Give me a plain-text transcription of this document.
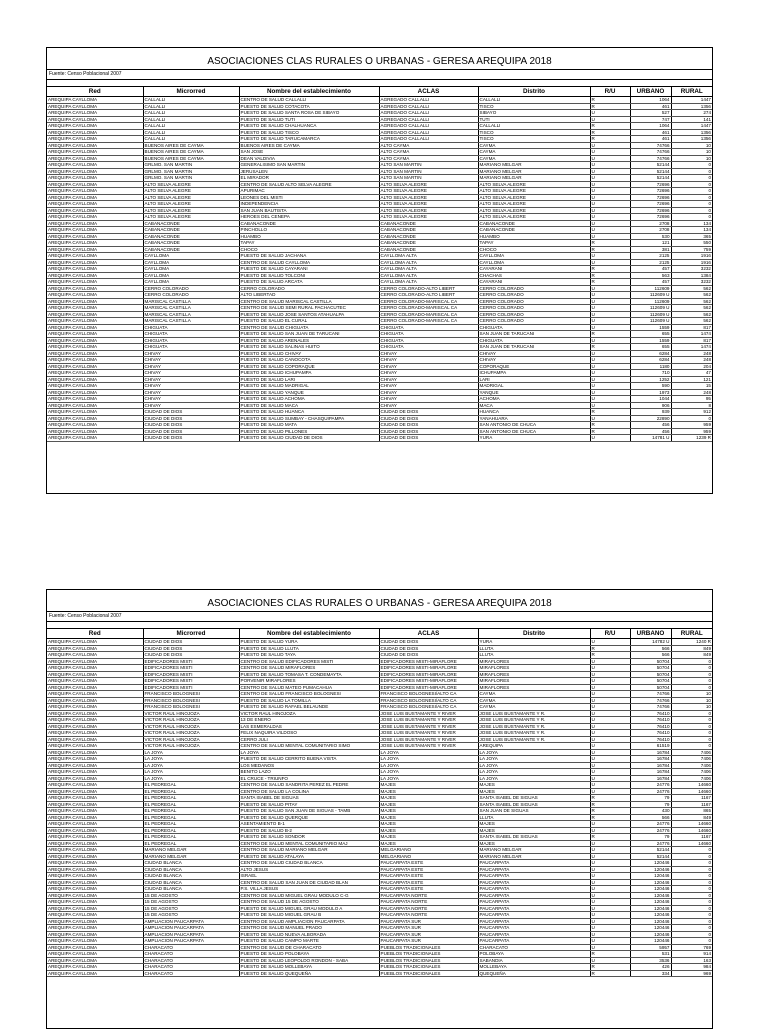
ASOCIACIONES CLAS RURALES O URBANAS - GERESA AREQUIPA 2018
Fuente: Censo Poblacional 2007
Red	Microrred	Nombre del establecimiento	ACLAS	Distrito	R/U	URBANO	RURAL
AREQUIPA CAYLLOMA	CALLALLI	CENTRO DE SALUD CALLALLI	AGREGADO CALLALLI	CALLALLI	R	1064	1447
AREQUIPA CAYLLOMA	CALLALLI	PUESTO DE SALUD COTACOTA	AGREGADO CALLALLI	TISCO	R	461	1356
AREQUIPA CAYLLOMA	CALLALLI	PUESTO DE SALUD SANTA ROSA DE SIBAYO	AGREGADO CALLALLI	SIBAYO	U	527	274
AREQUIPA CAYLLOMA	CALLALLI	PUESTO DE SALUD TUTI	AGREGADO CALLALLI	TUTI	U	747	141
AREQUIPA CAYLLOMA	CALLALLI	PUESTO DE SALUD CHALHUANCA	AGREGADO CALLALLI	CALLALLI	R	1064	1447
AREQUIPA CAYLLOMA	CALLALLI	PUESTO DE SALUD TISCO	AGREGADO CALLALLI	TISCO	R	461	1356
AREQUIPA CAYLLOMA	CALLALLI	PUESTO DE SALUD TARUCAMARCA	AGREGADO CALLALLI	TISCO	R	461	1356
AREQUIPA CAYLLOMA	BUENOS AIRES DE CAYMA	BUENOS AIRES DE CAYMA	ALTO CAYMA	CAYMA	U	74766	10
AREQUIPA CAYLLOMA	BUENOS AIRES DE CAYMA	SAN JOSE	ALTO CAYMA	CAYMA	U	74766	10
AREQUIPA CAYLLOMA	BUENOS AIRES DE CAYMA	DEAN VALDIVIA	ALTO CAYMA	CAYMA	U	74766	10
AREQUIPA CAYLLOMA	GRLMO. SAN MARTIN	GENERALISIMO SAN MARTIN	ALTO SAN MARTIN	MARIANO MELGAR	U	52144	0
AREQUIPA CAYLLOMA	GRLMO. SAN MARTIN	JERUSALEN	ALTO SAN MARTIN	MARIANO MELGAR	U	52144	0
AREQUIPA CAYLLOMA	GRLMO. SAN MARTIN	EL MIRADOR	ALTO SAN MARTIN	MARIANO MELGAR	U	52144	0
AREQUIPA CAYLLOMA	ALTO SELVA ALEGRE	CENTRO DE SALUD ALTO SELVA ALEGRE	ALTO SELVA ALEGRE	ALTO SELVA ALEGRE	U	72696	0
AREQUIPA CAYLLOMA	ALTO SELVA ALEGRE	APURIMAC	ALTO SELVA ALEGRE	ALTO SELVA ALEGRE	U	72696	0
AREQUIPA CAYLLOMA	ALTO SELVA ALEGRE	LEONES DEL MISTI	ALTO SELVA ALEGRE	ALTO SELVA ALEGRE	U	72696	0
AREQUIPA CAYLLOMA	ALTO SELVA ALEGRE	INDEPENDENCIA	ALTO SELVA ALEGRE	ALTO SELVA ALEGRE	U	72696	0
AREQUIPA CAYLLOMA	ALTO SELVA ALEGRE	SAN JUAN BAUTISTA	ALTO SELVA ALEGRE	ALTO SELVA ALEGRE	U	72696	0
AREQUIPA CAYLLOMA	ALTO SELVA ALEGRE	HEROES DEL CENEPA	ALTO SELVA ALEGRE	ALTO SELVA ALEGRE	U	72696	0
AREQUIPA CAYLLOMA	CABANACONDE	CABANACONDE	CABANACONDE	CABANACONDE	U	2708	134
AREQUIPA CAYLLOMA	CABANACONDE	PINCHOLLO	CABANACONDE	CABANACONDE	U	2708	134
AREQUIPA CAYLLOMA	CABANACONDE	HUAMBO	CABANACONDE	HUAMBO	U	530	365
AREQUIPA CAYLLOMA	CABANACONDE	TAPAY	CABANACONDE	TAPAY	R	121	550
AREQUIPA CAYLLOMA	CABANACONDE	CHOCO	CABANACONDE	CHOCO	R	381	759
AREQUIPA CAYLLOMA	CAYLLOMA	PUESTO DE SALUD JACHANA	CAYLLOMA ALTA	CAYLLOMA	U	2125	1916
AREQUIPA CAYLLOMA	CAYLLOMA	CENTRO DE SALUD CAYLLOMA	CAYLLOMA ALTA	CAYLLOMA	U	2125	1916
AREQUIPA CAYLLOMA	CAYLLOMA	PUESTO DE SALUD CAYARANI	CAYLLOMA ALTA	CAYARANI	R	457	3232
AREQUIPA CAYLLOMA	CAYLLOMA	PUESTO DE SALUD TOLCONI	CAYLLOMA ALTA	CHACHAS	R	563	1384
AREQUIPA CAYLLOMA	CAYLLOMA	PUESTO DE SALUD ARCATA	CAYLLOMA ALTA	CAYARANI	R	457	3232
AREQUIPA CAYLLOMA	CERRO COLORADO	CERRO COLORADO	CERRO COLORADO-ALTO LIBERT	CERRO COLORADO	U	112609	562
AREQUIPA CAYLLOMA	CERRO COLORADO	ALTO LIBERTAD	CERRO COLORADO-ALTO LIBERT	CERRO COLORADO	U	112609 U	562
AREQUIPA CAYLLOMA	MARISCAL CASTILLA	CENTRO DE SALUD MARISCAL CASTILLA	CERRO COLORADO-MARISCAL CA	CERRO COLORADO	U	112609	562
AREQUIPA CAYLLOMA	MARISCAL CASTILLA	CENTRO DE SALUD SEMI RURAL PACHACUTEC	CERRO COLORADO-MARISCAL CA	CERRO COLORADO	U	112609 U	562
AREQUIPA CAYLLOMA	MARISCAL CASTILLA	PUESTO DE SALUD JOSE SANTOS ATAHUALPA	CERRO COLORADO-MARISCAL CA	CERRO COLORADO	U	112609 U	562
AREQUIPA CAYLLOMA	MARISCAL CASTILLA	PUESTO DE SALUD EL CURAL	CERRO COLORADO-MARISCAL CA	CERRO COLORADO	U	112609 U	562
AREQUIPA CAYLLOMA	CHIGUATA	CENTRO DE SALUD CHIGUATA	CHIGUATA	CHIGUATA	U	1559	817
AREQUIPA CAYLLOMA	CHIGUATA	PUESTO DE SALUD SAN JUAN DE TARUCANI	CHIGUATA	SAN JUAN DE TARUCANI	R	655	1474
AREQUIPA CAYLLOMA	CHIGUATA	PUESTO DE SALUD ARENALES	CHIGUATA	CHIGUATA	U	1559	817
AREQUIPA CAYLLOMA	CHIGUATA	PUESTO DE SALUD SALINAS HUITO	CHIGUATA	SAN JUAN DE TARUCANI	R	655	1474
AREQUIPA CAYLLOMA	CHIVAY	PUESTO DE SALUD CHIVAY	CHIVAY	CHIVAY	U	6284	248
AREQUIPA CAYLLOMA	CHIVAY	PUESTO DE SALUD CANOCOTA	CHIVAY	CHIVAY	U	6284	248
AREQUIPA CAYLLOMA	CHIVAY	PUESTO DE SALUD COPORAQUE	CHIVAY	COPORAQUE	U	1180	204
AREQUIPA CAYLLOMA	CHIVAY	PUESTO DE SALUD ICHUPAMPA	CHIVAY	ICHUPAMPA	U	710	47
AREQUIPA CAYLLOMA	CHIVAY	PUESTO DE SALUD LARI	CHIVAY	LARI	U	1252	121
AREQUIPA CAYLLOMA	CHIVAY	PUESTO DE SALUD MADRIGAL	CHIVAY	MADRIGAL	U	590	15
AREQUIPA CAYLLOMA	CHIVAY	PUESTO DE SALUD YANQUE	CHIVAY	YANQUE	U	1973	248
AREQUIPA CAYLLOMA	CHIVAY	PUESTO DE SALUD ACHOMA	CHIVAY	ACHOMA	U	1044	95
AREQUIPA CAYLLOMA	CHIVAY	PUESTO DE SALUD MACA	CHIVAY	MACA	U	906	8
AREQUIPA CAYLLOMA	CIUDAD DE DIOS	PUESTO DE SALUD HUANCA	CIUDAD DE DIOS	HUANCA	R	939	912
AREQUIPA CAYLLOMA	CIUDAD DE DIOS	PUESTO DE SALUD SUMBAY - CHASQUIPAMPA	CIUDAD DE DIOS	YANAHUARA	U	22890	0
AREQUIPA CAYLLOMA	CIUDAD DE DIOS	PUESTO DE SALUD MATA	CIUDAD DE DIOS	SAN ANTONIO DE CHUCA	R	456	959
AREQUIPA CAYLLOMA	CIUDAD DE DIOS	PUESTO DE SALUD PILLONES	CIUDAD DE DIOS	SAN ANTONIO DE CHUCA	R	456	959
AREQUIPA CAYLLOMA	CIUDAD DE DIOS	PUESTO DE SALUD CIUDAD DE DIOS	CIUDAD DE DIOS	YURA	U	14781 U	1239 R
ASOCIACIONES CLAS RURALES O URBANAS - GERESA AREQUIPA 2018
Fuente: Censo Poblacional 2007
Red	Microrred	Nombre del establecimiento	ACLAS	Distrito	R/U	URBANO	RURAL
AREQUIPA CAYLLOMA	CIUDAD DE DIOS	PUESTO DE SALUD YURA	CIUDAD DE DIOS	YURA	U	14782 U	1240 R
AREQUIPA CAYLLOMA	CIUDAD DE DIOS	PUESTO DE SALUD LLUTA	CIUDAD DE DIOS	LLUTA	R	566	849
AREQUIPA CAYLLOMA	CIUDAD DE DIOS	PUESTO DE SALUD TAYA	CIUDAD DE DIOS	LLUTA	R	566	849
AREQUIPA CAYLLOMA	EDIFICADORES MISTI	CENTRO DE SALUD EDIFICADORES MISTI	EDIFICADORES MISTI-MIRAFLORE	MIRAFLORES	U	50704	0
AREQUIPA CAYLLOMA	EDIFICADORES MISTI	CENTRO DE SALUD MIRAFLORES	EDIFICADORES MISTI-MIRAFLORE	MIRAFLORES	U	50704	0
AREQUIPA CAYLLOMA	EDIFICADORES MISTI	PUESTO DE SALUD TOMASA T. CONDEMAYTA	EDIFICADORES MISTI-MIRAFLORE	MIRAFLORES	U	50704	0
AREQUIPA CAYLLOMA	EDIFICADORES MISTI	PORVENIR MIRAFLORES	EDIFICADORES MISTI-MIRAFLORE	MIRAFLORES	U	50704	0
AREQUIPA CAYLLOMA	EDIFICADORES MISTI	CENTRO DE SALUD MATEO PUMACAHUA	EDIFICADORES MISTI-MIRAFLORE	MIRAFLORES	U	50704	0
AREQUIPA CAYLLOMA	FRANCISCO BOLOGNESI	CENTRO DE SALUD FRANCISCO BOLOGNESI	FRANCISCO BOLOGNESI/ALTO CA	CAYMA	U	74766	10
AREQUIPA CAYLLOMA	FRANCISCO BOLOGNESI	PUESTO DE SALUD LA TOMILLA	FRANCISCO BOLOGNESI/ALTO CA	CAYMA	U	74766	10
AREQUIPA CAYLLOMA	FRANCISCO BOLOGNESI	PUESTO DE SALUD RAFAEL BELAUNDE	FRANCISCO BOLOGNESI/ALTO CA	CAYMA	U	74766	10
AREQUIPA CAYLLOMA	VICTOR RAUL HINOJOZA	VICTOR RAUL HINOJOZA	JOSE LUIS BUSTAMANTE Y RIVER	JOSE LUIS BUSTAMANTE Y R.	U	76410	0
AREQUIPA CAYLLOMA	VICTOR RAUL HINOJOZA	13 DE ENERO	JOSE LUIS BUSTAMANTE Y RIVER	JOSE LUIS BUSTAMANTE Y R.	U	76410	0
AREQUIPA CAYLLOMA	VICTOR RAUL HINOJOZA	LAS ESMERALDAS	JOSE LUIS BUSTAMANTE Y RIVER	JOSE LUIS BUSTAMANTE Y R.	U	76410	0
AREQUIPA CAYLLOMA	VICTOR RAUL HINOJOZA	FELIX NAQUIRA VILDOSO	JOSE LUIS BUSTAMANTE Y RIVER	JOSE LUIS BUSTAMANTE Y R.	U	76410	0
AREQUIPA CAYLLOMA	VICTOR RAUL HINOJOZA	CERRO JULI	JOSE LUIS BUSTAMANTE Y RIVER	JOSE LUIS BUSTAMANTE Y R.	U	76410	0
AREQUIPA CAYLLOMA	VICTOR RAUL HINOJOZA	CENTRO DE SALUD MENTAL COMUNITARIO SIMO	JOSE LUIS BUSTAMANTE Y RIVER	AREQUIPA	U	61519	0
AREQUIPA CAYLLOMA	LA JOYA	LA JOYA	LA JOYA	LA JOYA	U	16784	7406
AREQUIPA CAYLLOMA	LA JOYA	PUESTO DE SALUD CERRITO BUENA VISTA	LA JOYA	LA JOYA	U	16784	7406
AREQUIPA CAYLLOMA	LA JOYA	LOS MEDANOS	LA JOYA	LA JOYA	U	16784	7406
AREQUIPA CAYLLOMA	LA JOYA	BENITO LAZO	LA JOYA	LA JOYA	U	16784	7406
AREQUIPA CAYLLOMA	LA JOYA	EL CRUCE - TRIUNFO	LA JOYA	LA JOYA	U	16784	7406
AREQUIPA CAYLLOMA	EL PEDREGAL	CENTRO DE SALUD SANDRITA PEREZ EL PEDRE	MAJES	MAJES	U	24776	14660
AREQUIPA CAYLLOMA	EL PEDREGAL	CENTRO DE SALUD LA COLINA	MAJES	MAJES	U	24776	14660
AREQUIPA CAYLLOMA	EL PEDREGAL	SANTA ISABEL DE SIGUAS	MAJES	SANTA ISABEL DE SIGUAS	R	79	1167
AREQUIPA CAYLLOMA	EL PEDREGAL	PUESTO DE SALUD PITAY	MAJES	SANTA ISABEL DE SIGUAS	R	79	1167
AREQUIPA CAYLLOMA	EL PEDREGAL	PUESTO DE SALUD SAN JUAN DE SIGUAS - TAMB	MAJES	SAN JUAN DE SIGUAS	R	430	865
AREQUIPA CAYLLOMA	EL PEDREGAL	PUESTO DE SALUD QUERQUE	MAJES	LLUTA	R	566	849
AREQUIPA CAYLLOMA	EL PEDREGAL	ASENTAMIENTO B-1	MAJES	MAJES	U	24776	14660
AREQUIPA CAYLLOMA	EL PEDREGAL	PUESTO DE SALUD B-2	MAJES	MAJES	U	24776	14660
AREQUIPA CAYLLOMA	EL PEDREGAL	PUESTO DE SALUD SONDOR	MAJES	SANTA ISABEL DE SIGUAS	R	79	1167
AREQUIPA CAYLLOMA	EL PEDREGAL	CENTRO DE SALUD MENTAL COMUNITARIO MAJ	MAJES	MAJES	U	24776	14660
AREQUIPA CAYLLOMA	MARIANO MELGAR	CENTRO DE SALUD MARIANO MELGAR	MELGARIANO	MARIANO MELGAR	U	52144	0
AREQUIPA CAYLLOMA	MARIANO MELGAR	PUESTO DE SALUD ATALAYA	MELGARIANO	MARIANO MELGAR	U	52144	0
AREQUIPA CAYLLOMA	CIUDAD BLANCA	CENTRO DE SALUD CIUDAD BLANCA	PAUCARPATA ESTE	PAUCARPATA	U	120446	0
AREQUIPA CAYLLOMA	CIUDAD BLANCA	ALTO JESUS	PAUCARPATA ESTE	PAUCARPATA	U	120446	0
AREQUIPA CAYLLOMA	CIUDAD BLANCA	ISRAEL	PAUCARPATA ESTE	PAUCARPATA	U	120446	0
AREQUIPA CAYLLOMA	CIUDAD BLANCA	CENTRO DE SALUD SAN JUAN DE CIUDAD BLAN	PAUCARPATA ESTE	PAUCARPATA	U	120446	0
AREQUIPA CAYLLOMA	CIUDAD BLANCA	P.S. VILLA JESUS	PAUCARPATA ESTE	PAUCARPATA	U	120446	0
AREQUIPA CAYLLOMA	15 DE AGOSTO	CENTRO DE SALUD MIGUEL GRAU MODULO C-G	PAUCARPATA NORTE	PAUCARPATA	U	120446	0
AREQUIPA CAYLLOMA	15 DE AGOSTO	CENTRO DE SALUD 15 DE AGOSTO	PAUCARPATA NORTE	PAUCARPATA	U	120446	0
AREQUIPA CAYLLOMA	15 DE AGOSTO	PUESTO DE SALUD MIGUEL GRAU MODULO A	PAUCARPATA NORTE	PAUCARPATA	U	120446	0
AREQUIPA CAYLLOMA	15 DE AGOSTO	PUESTO DE SALUD MIGUEL GRAU B	PAUCARPATA NORTE	PAUCARPATA	U	120446	0
AREQUIPA CAYLLOMA	AMPLIACION PAUCARPATA	CENTRO DE SALUD AMPLIACION PAUCARPATA	PAUCARPATA SUR	PAUCARPATA	U	120446	0
AREQUIPA CAYLLOMA	AMPLIACION PAUCARPATA	CENTRO DE SALUD MANUEL PRADO	PAUCARPATA SUR	PAUCARPATA	U	120446	0
AREQUIPA CAYLLOMA	AMPLIACION PAUCARPATA	PUESTO DE SALUD NUEVA ALBORADA	PAUCARPATA SUR	PAUCARPATA	U	120446	0
AREQUIPA CAYLLOMA	AMPLIACION PAUCARPATA	PUESTO DE SALUD CAMPO MARTE	PAUCARPATA SUR	PAUCARPATA	U	120446	0
AREQUIPA CAYLLOMA	CHARACATO	CENTRO DE SALUD DE CHARACATO	PUEBLOS TRADICIONALES	CHARACATO	U	5957	769
AREQUIPA CAYLLOMA	CHARACATO	PUESTO DE SALUD POLOBAYA	PUEBLOS TRADICIONALES	POLOBAYA	R	531	914
AREQUIPA CAYLLOMA	CHARACATO	PUESTO DE SALUD LEOPOLDO RONDON - SABA	PUEBLOS TRADICIONALES	SABANDIA	U	3536	163
AREQUIPA CAYLLOMA	CHARACATO	PUESTO DE SALUD MOLLEBAYA	PUEBLOS TRADICIONALES	MOLLEBAYA	R	426	984
AREQUIPA CAYLLOMA	CHARACATO	PUESTO DE SALUD QUEQUEÑA	PUEBLOS TRADICIONALES	QUEQUEÑA	R	334	969
